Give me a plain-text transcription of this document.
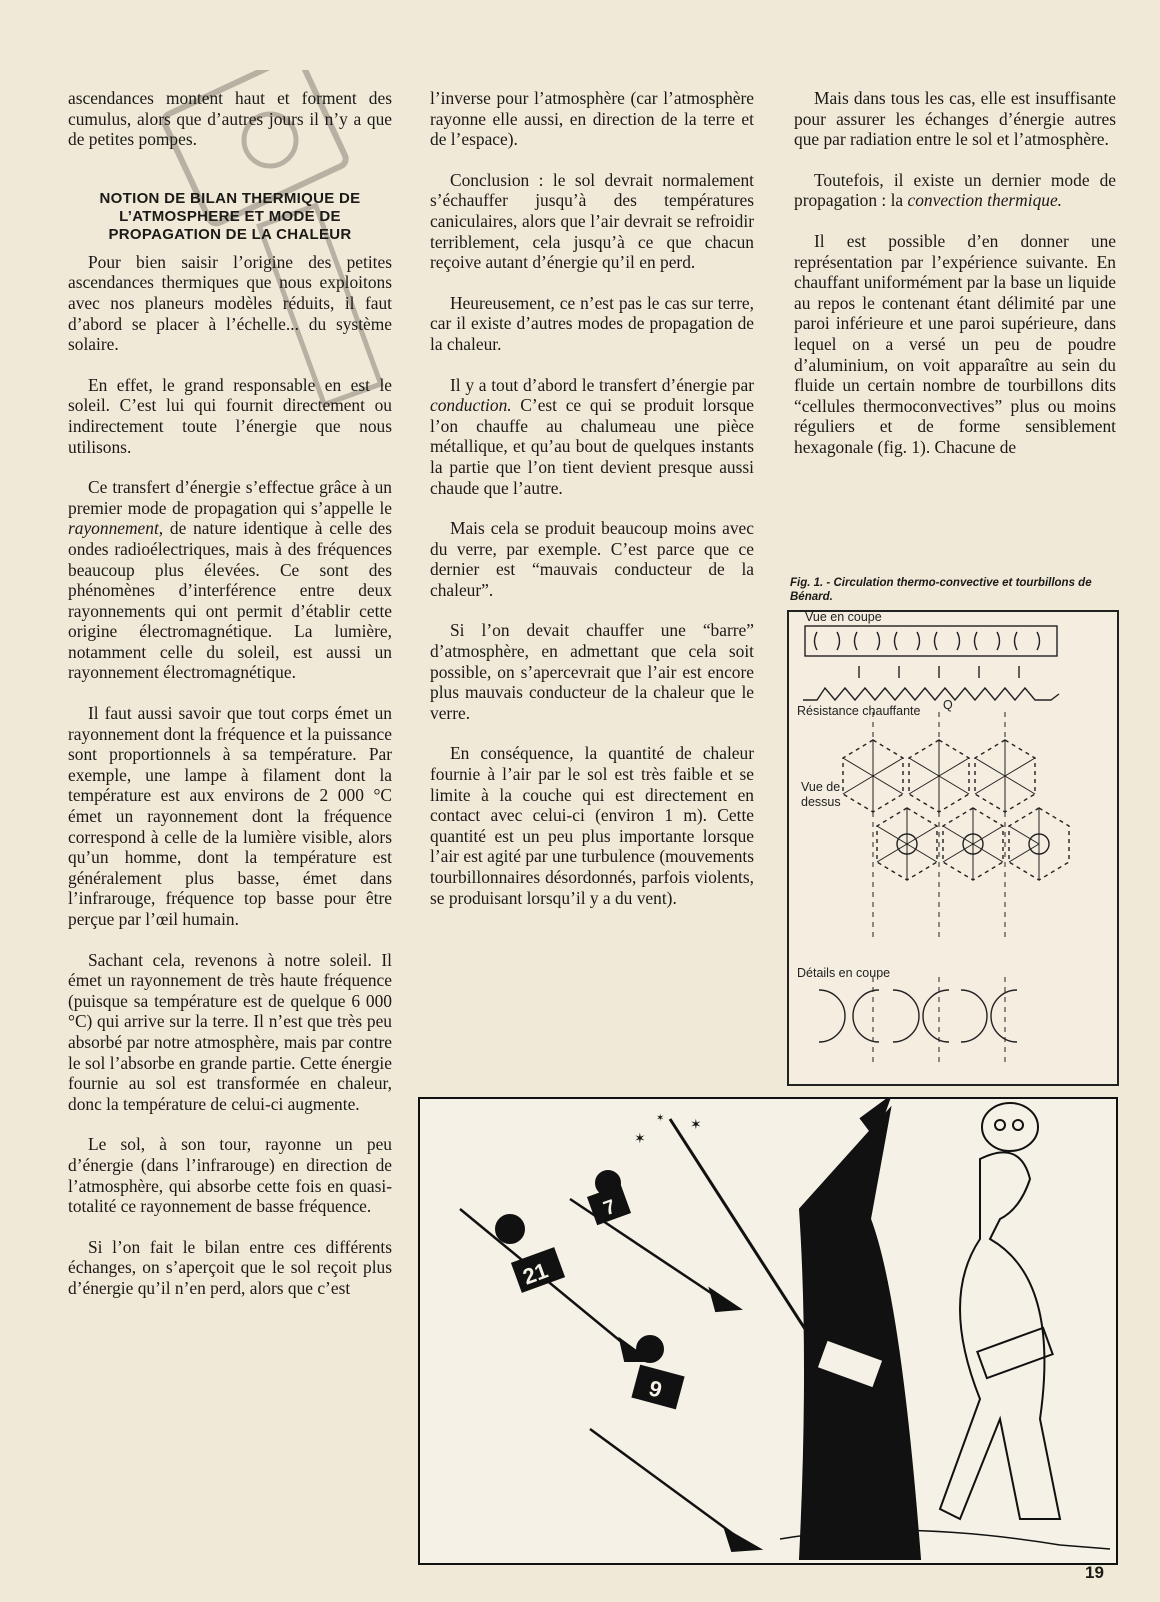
ascendances montent haut et forment des cumulus, alors que d’autres jours il n’y a que de petites pompes.

NOTION DE BILAN THERMIQUE DE L’ATMOSPHERE ET MODE DE PROPAGATION DE LA CHALEUR

Pour bien saisir l’origine des petites ascendances thermiques que nous exploitons avec nos planeurs modèles réduits, il faut d’abord se placer à l’échelle... du système solaire.

En effet, le grand responsable en est le soleil. C’est lui qui fournit directement ou indirectement toute l’énergie que nous utilisons.

Ce transfert d’énergie s’effectue grâce à un premier mode de propagation qui s’appelle le rayonnement, de nature identique à celle des ondes radioélectriques, mais à des fréquences beaucoup plus élevées. Ce sont des phénomènes d’interférence entre deux rayonnements qui ont permit d’établir cette origine électromagnétique. La lumière, notamment celle du soleil, est aussi un rayonnement électromagnétique.

Il faut aussi savoir que tout corps émet un rayonnement dont la fréquence et la puissance sont proportionnels à sa température. Par exemple, une lampe à filament dont la température est aux environs de 2 000 °C émet un rayonnement dont la fréquence correspond à celle de la lumière visible, alors qu’un homme, dont la température est généralement plus basse, émet dans l’infrarouge, fréquence top basse pour être perçue par l’œil humain.

Sachant cela, revenons à notre soleil. Il émet un rayonnement de très haute fréquence (puisque sa température est de quelque 6 000 °C) qui arrive sur la terre. Il n’est que très peu absorbé par notre atmosphère, mais par contre le sol l’absorbe en grande partie. Cette énergie fournie au sol est transformée en chaleur, donc la température de celui-ci augmente.

Le sol, à son tour, rayonne un peu d’énergie (dans l’infrarouge) en direction de l’atmosphère, qui absorbe cette fois en quasi-totalité ce rayonnement de basse fréquence.

Si l’on fait le bilan entre ces différents échanges, on s’aperçoit que le sol reçoit plus d’énergie qu’il n’en perd, alors que c’est

l’inverse pour l’atmosphère (car l’atmosphère rayonne elle aussi, en direction de la terre et de l’espace).

Conclusion : le sol devrait normalement s’échauffer jusqu’à des températures caniculaires, alors que l’air devrait se refroidir terriblement, cela jusqu’à ce que chacun reçoive autant d’énergie qu’il en perd.

Heureusement, ce n’est pas le cas sur terre, car il existe d’autres modes de propagation de la chaleur.

Il y a tout d’abord le transfert d’énergie par conduction. C’est ce qui se produit lorsque l’on chauffe au chalumeau une pièce métallique, et qu’au bout de quelques instants la partie que l’on tient devient presque aussi chaude que l’autre.

Mais cela se produit beaucoup moins avec du verre, par exemple. C’est parce que ce dernier est “mauvais conducteur de la chaleur”.

Si l’on devait chauffer une “barre” d’atmosphère, en admettant que cela soit possible, on s’apercevrait que l’air est encore plus mauvais conducteur de la chaleur que le verre.

En conséquence, la quantité de chaleur fournie à l’air par le sol est très faible et se limite à la couche qui est directement en contact avec celui-ci (environ 1 m). Cette quantité est un peu plus importante lorsque l’air est agité par une turbulence (mouvements tourbillonnaires désordonnés, parfois violents, se produisant lorsqu’il y a du vent).

Mais dans tous les cas, elle est insuffisante pour assurer les échanges d’énergie autres que par radiation entre le sol et l’atmosphère.

Toutefois, il existe un dernier mode de propagation : la convection thermique.

Il est possible d’en donner une représentation par l’expérience suivante. En chauffant uniformément par la base un liquide au repos le contenant étant délimité par une paroi inférieure et une paroi supérieure, dans lequel on a versé un peu de poudre d’aluminium, on voit apparaître au sein du fluide un certain nombre de tourbillons dits “cellules thermoconvectives” plus ou moins réguliers et de forme sensiblement hexagonale (fig. 1). Chacune de

Fig. 1. - Circulation thermo-convective et tourbillons de Bénard.
Vue en coupe
Résistance chauffante Q
Vue de
dessus
Détails en coupe
✶
✶
✶
21
7
9
19
